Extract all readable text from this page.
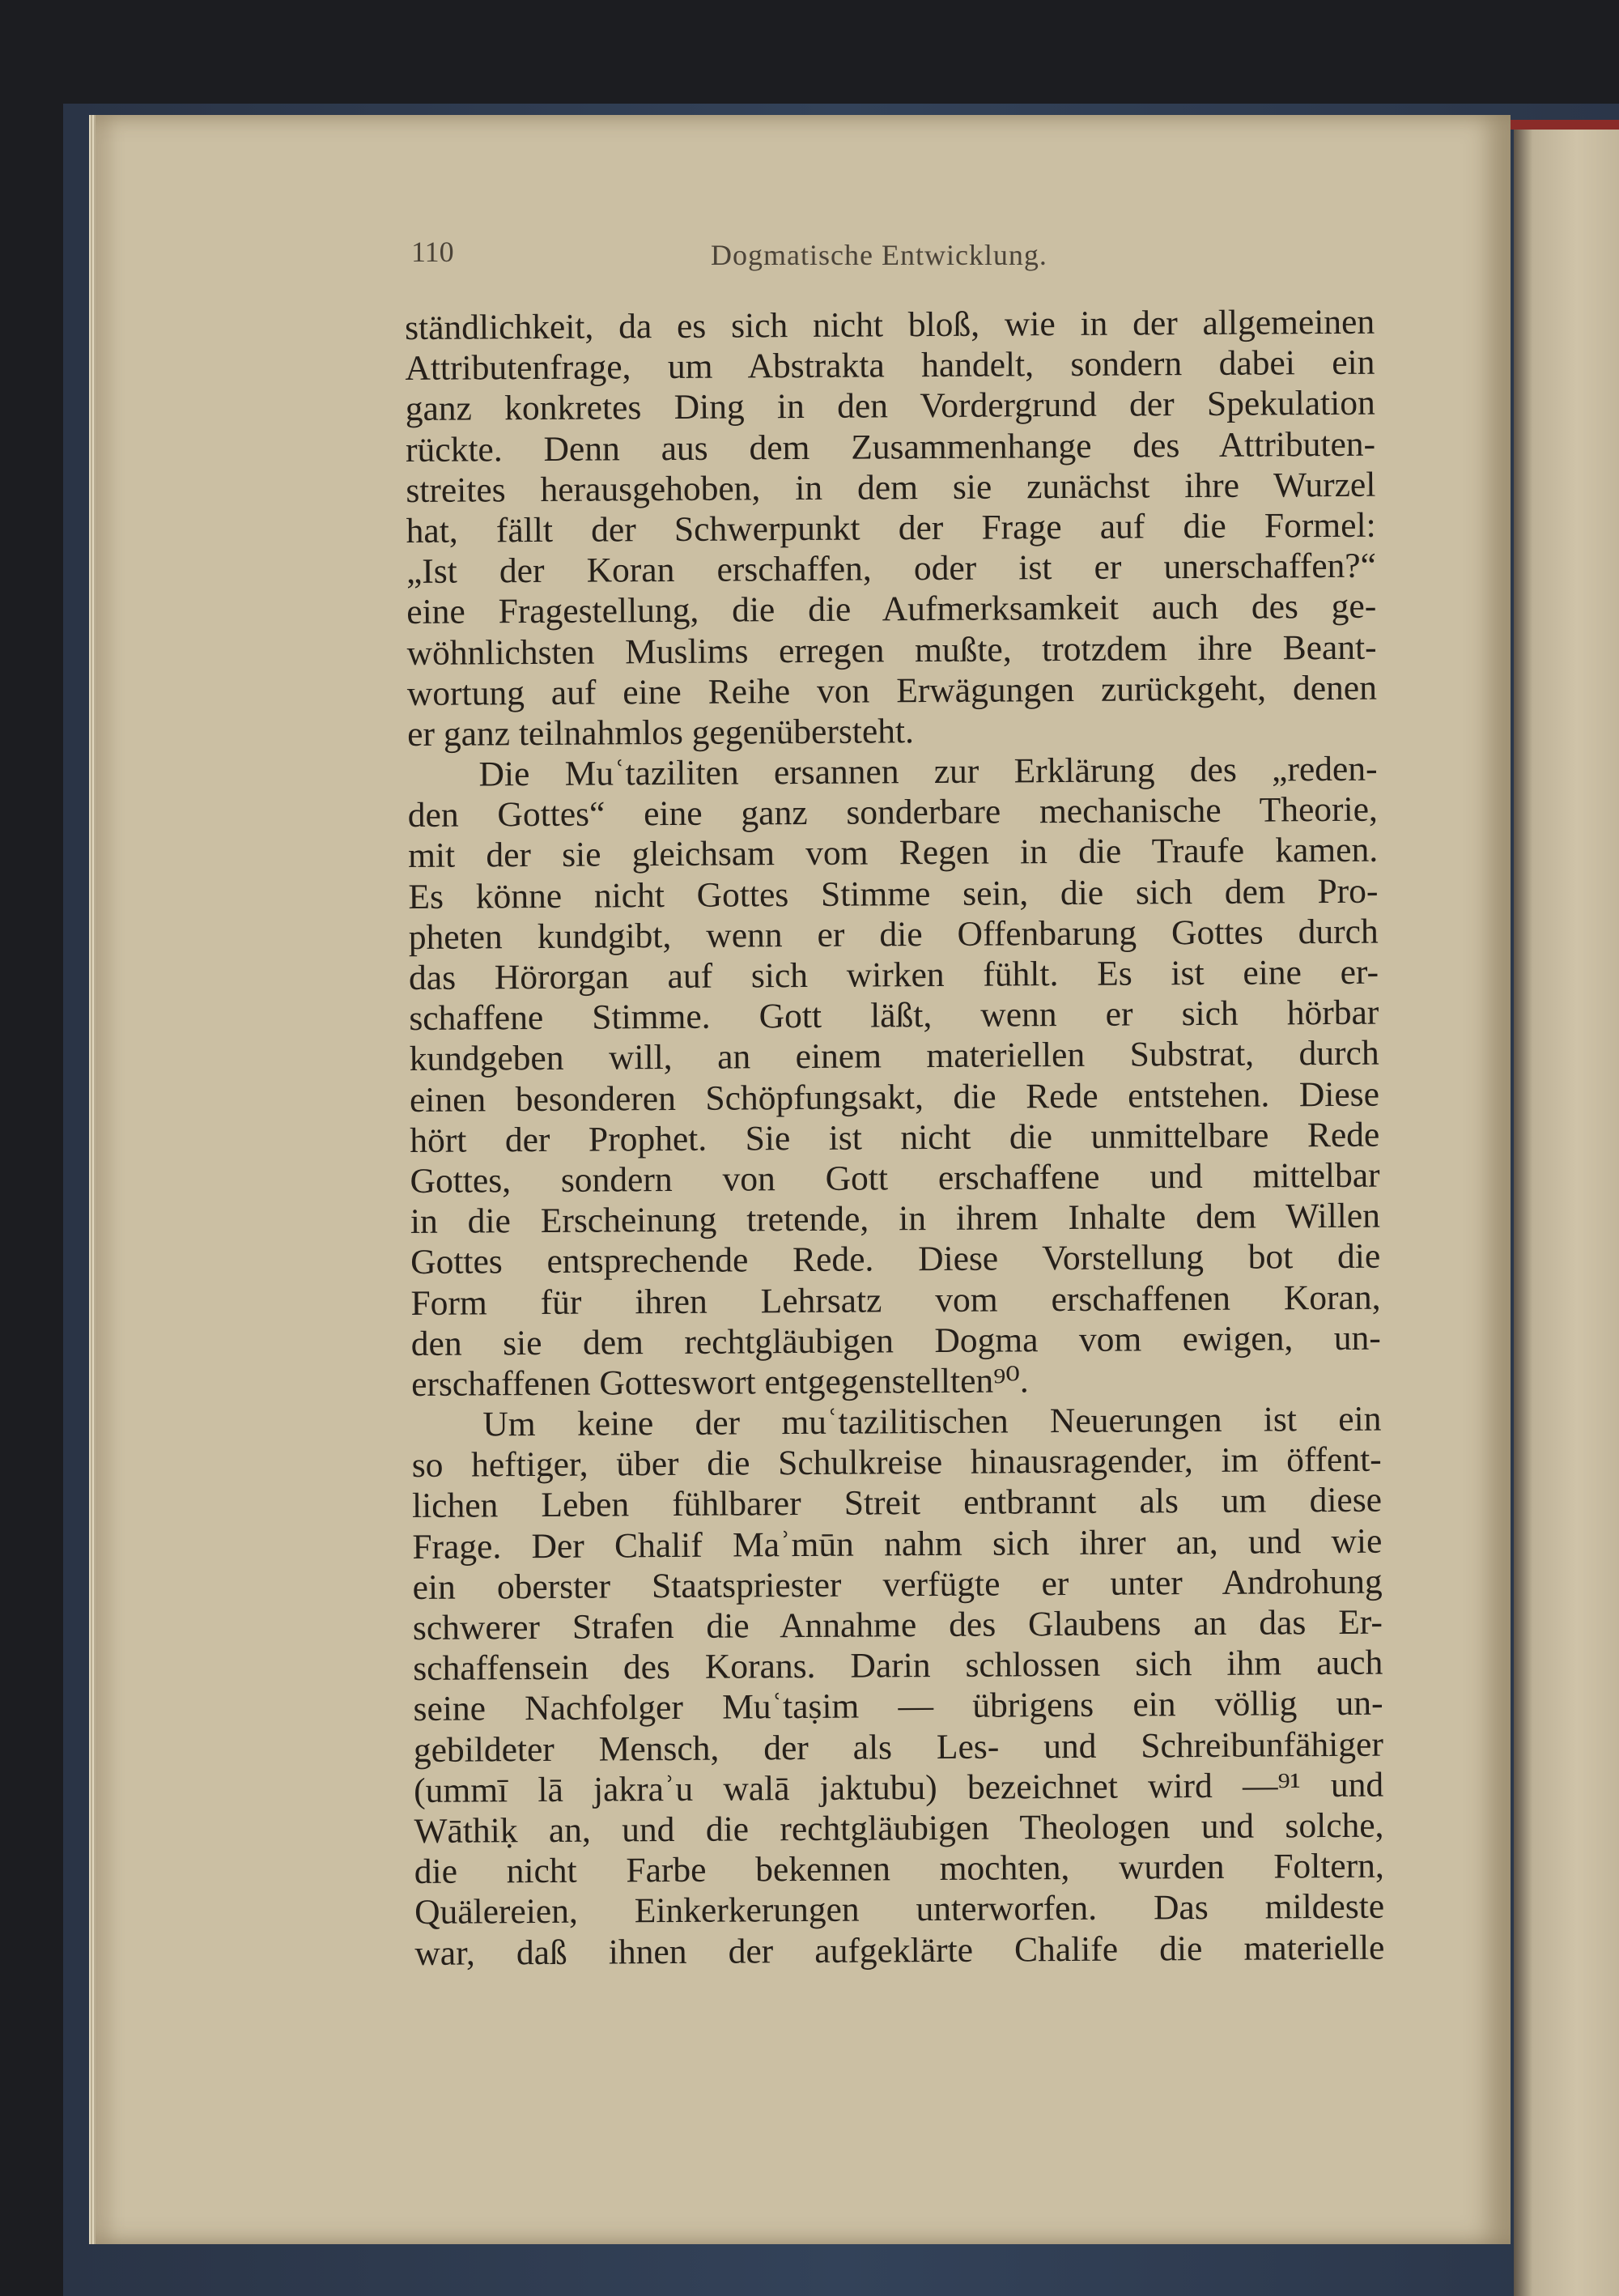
110	Dogmatische Entwicklung.
ständlichkeit, da es sich nicht bloß, wie in der allgemeinen
Attributenfrage, um Abstrakta handelt, sondern dabei ein
ganz konkretes Ding in den Vordergrund der Spekulation
rückte. Denn aus dem Zusammenhange des Attributen-
streites herausgehoben, in dem sie zunächst ihre Wurzel
hat, fällt der Schwerpunkt der Frage auf die Formel:
„Ist der Koran erschaffen, oder ist er unerschaffen?“
eine Fragestellung, die die Aufmerksamkeit auch des ge-
wöhnlichsten Muslims erregen mußte, trotzdem ihre Beant-
wortung auf eine Reihe von Erwägungen zurückgeht, denen
er ganz teilnahmlos gegenübersteht.
Die Muʿtaziliten ersannen zur Erklärung des „reden-
den Gottes“ eine ganz sonderbare mechanische Theorie,
mit der sie gleichsam vom Regen in die Traufe kamen.
Es könne nicht Gottes Stimme sein, die sich dem Pro-
pheten kundgibt, wenn er die Offenbarung Gottes durch
das Hörorgan auf sich wirken fühlt. Es ist eine er-
schaffene Stimme. Gott läßt, wenn er sich hörbar
kundgeben will, an einem materiellen Substrat, durch
einen besonderen Schöpfungsakt, die Rede entstehen. Diese
hört der Prophet. Sie ist nicht die unmittelbare Rede
Gottes, sondern von Gott erschaffene und mittelbar
in die Erscheinung tretende, in ihrem Inhalte dem Willen
Gottes entsprechende Rede. Diese Vorstellung bot die
Form für ihren Lehrsatz vom erschaffenen Koran,
den sie dem rechtgläubigen Dogma vom ewigen, un-
erschaffenen Gotteswort entgegenstellten⁹⁰.
Um keine der muʿtazilitischen Neuerungen ist ein
so heftiger, über die Schulkreise hinausragender, im öffent-
lichen Leben fühlbarer Streit entbrannt als um diese
Frage. Der Chalif Maʾmūn nahm sich ihrer an, und wie
ein oberster Staatspriester verfügte er unter Androhung
schwerer Strafen die Annahme des Glaubens an das Er-
schaffensein des Korans. Darin schlossen sich ihm auch
seine Nachfolger Muʿtaṣim — übrigens ein völlig un-
gebildeter Mensch, der als Les- und Schreibunfähiger
(ummī lā jakraʾu walā jaktubu) bezeichnet wird —⁹¹ und
Wāthiḳ an, und die rechtgläubigen Theologen und solche,
die nicht Farbe bekennen mochten, wurden Foltern,
Quälereien, Einkerkerungen unterworfen. Das mildeste
war, daß ihnen der aufgeklärte Chalife die materielle
